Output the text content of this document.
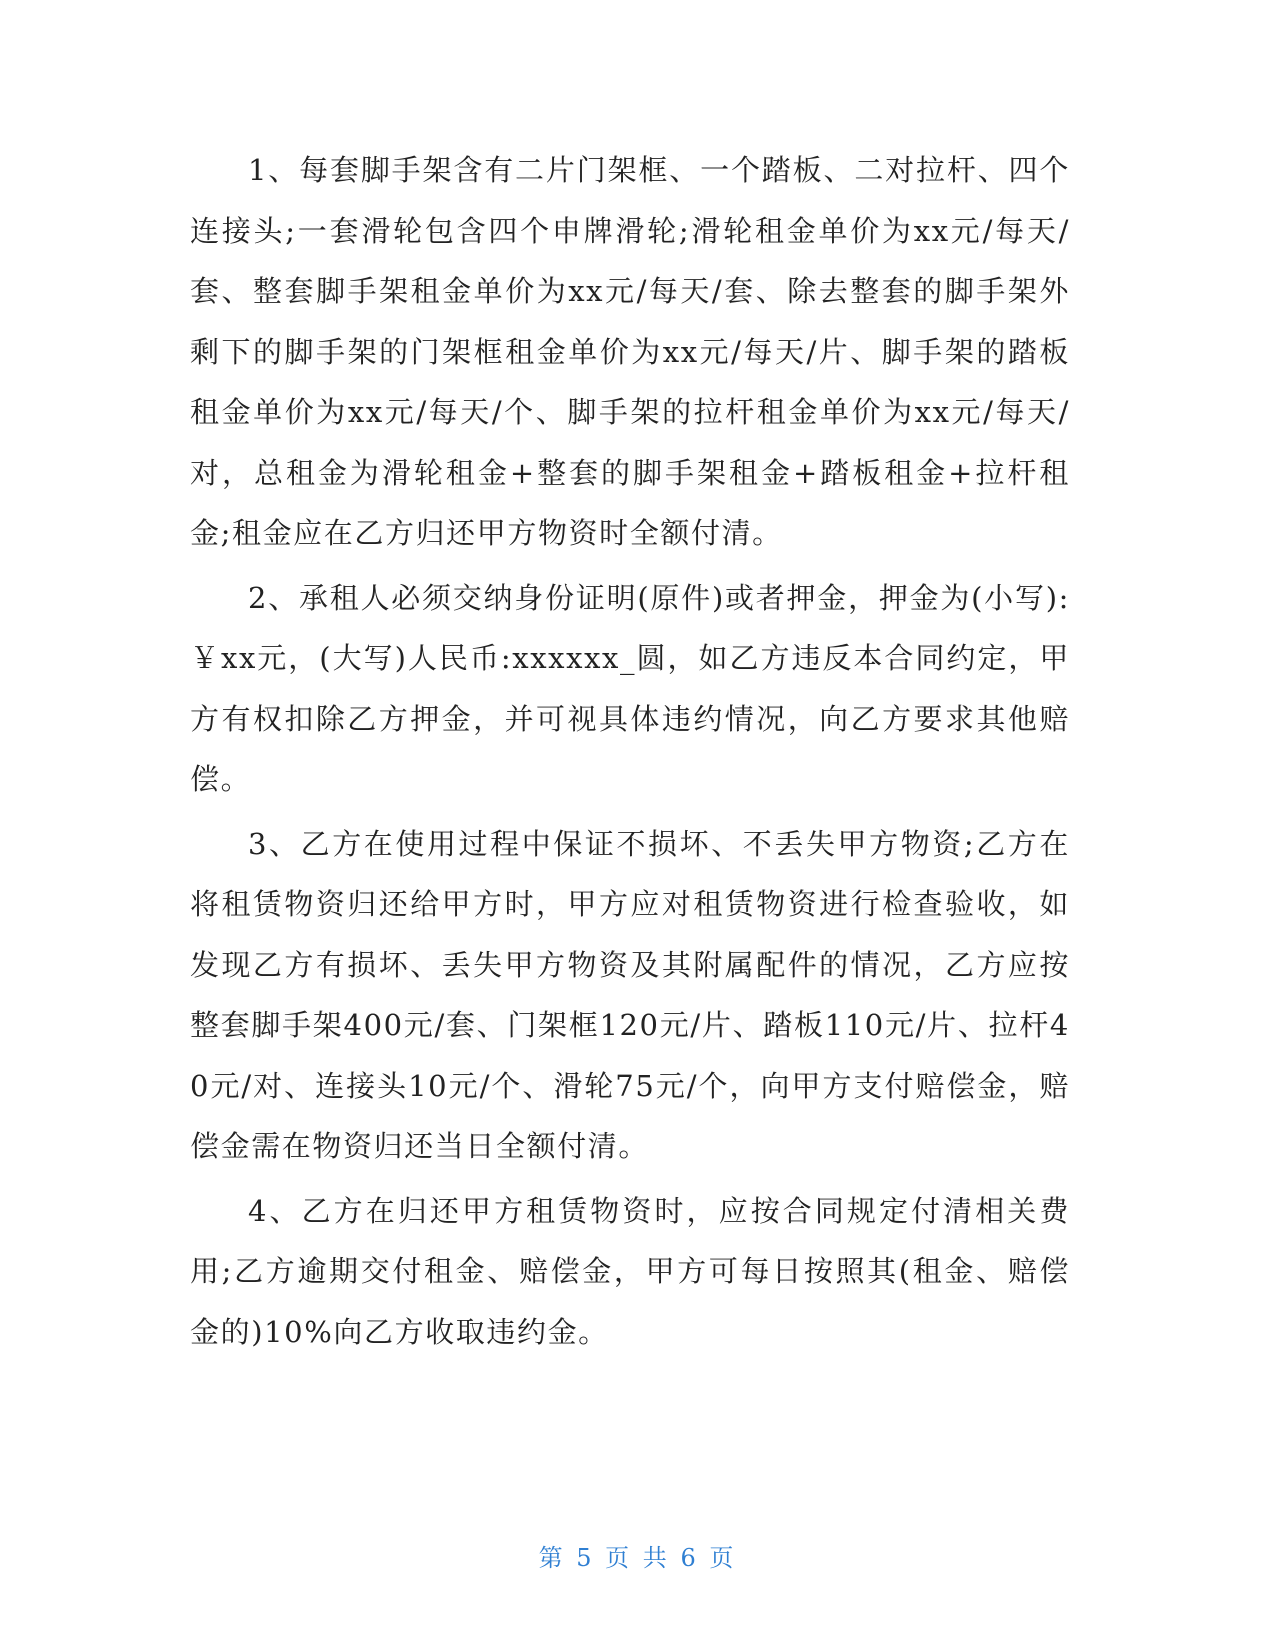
1、每套脚手架含有二片门架框、一个踏板、二对拉杆、四个连接头;一套滑轮包含四个申牌滑轮;滑轮租金单价为xx元/每天/套、整套脚手架租金单价为xx元/每天/套、除去整套的脚手架外剩下的脚手架的门架框租金单价为xx元/每天/片、脚手架的踏板租金单价为xx元/每天/个、脚手架的拉杆租金单价为xx元/每天/对，总租金为滑轮租金+整套的脚手架租金+踏板租金+拉杆租金;租金应在乙方归还甲方物资时全额付清。

2、承租人必须交纳身份证明(原件)或者押金，押金为(小写):￥xx元，(大写)人民币:xxxxxx_圆，如乙方违反本合同约定，甲方有权扣除乙方押金，并可视具体违约情况，向乙方要求其他赔偿。

3、乙方在使用过程中保证不损坏、不丢失甲方物资;乙方在将租赁物资归还给甲方时，甲方应对租赁物资进行检查验收，如发现乙方有损坏、丢失甲方物资及其附属配件的情况，乙方应按整套脚手架400元/套、门架框120元/片、踏板110元/片、拉杆40元/对、连接头10元/个、滑轮75元/个，向甲方支付赔偿金，赔偿金需在物资归还当日全额付清。

4、乙方在归还甲方租赁物资时，应按合同规定付清相关费用;乙方逾期交付租金、赔偿金，甲方可每日按照其(租金、赔偿金的)10%向乙方收取违约金。

第 5 页 共 6 页
